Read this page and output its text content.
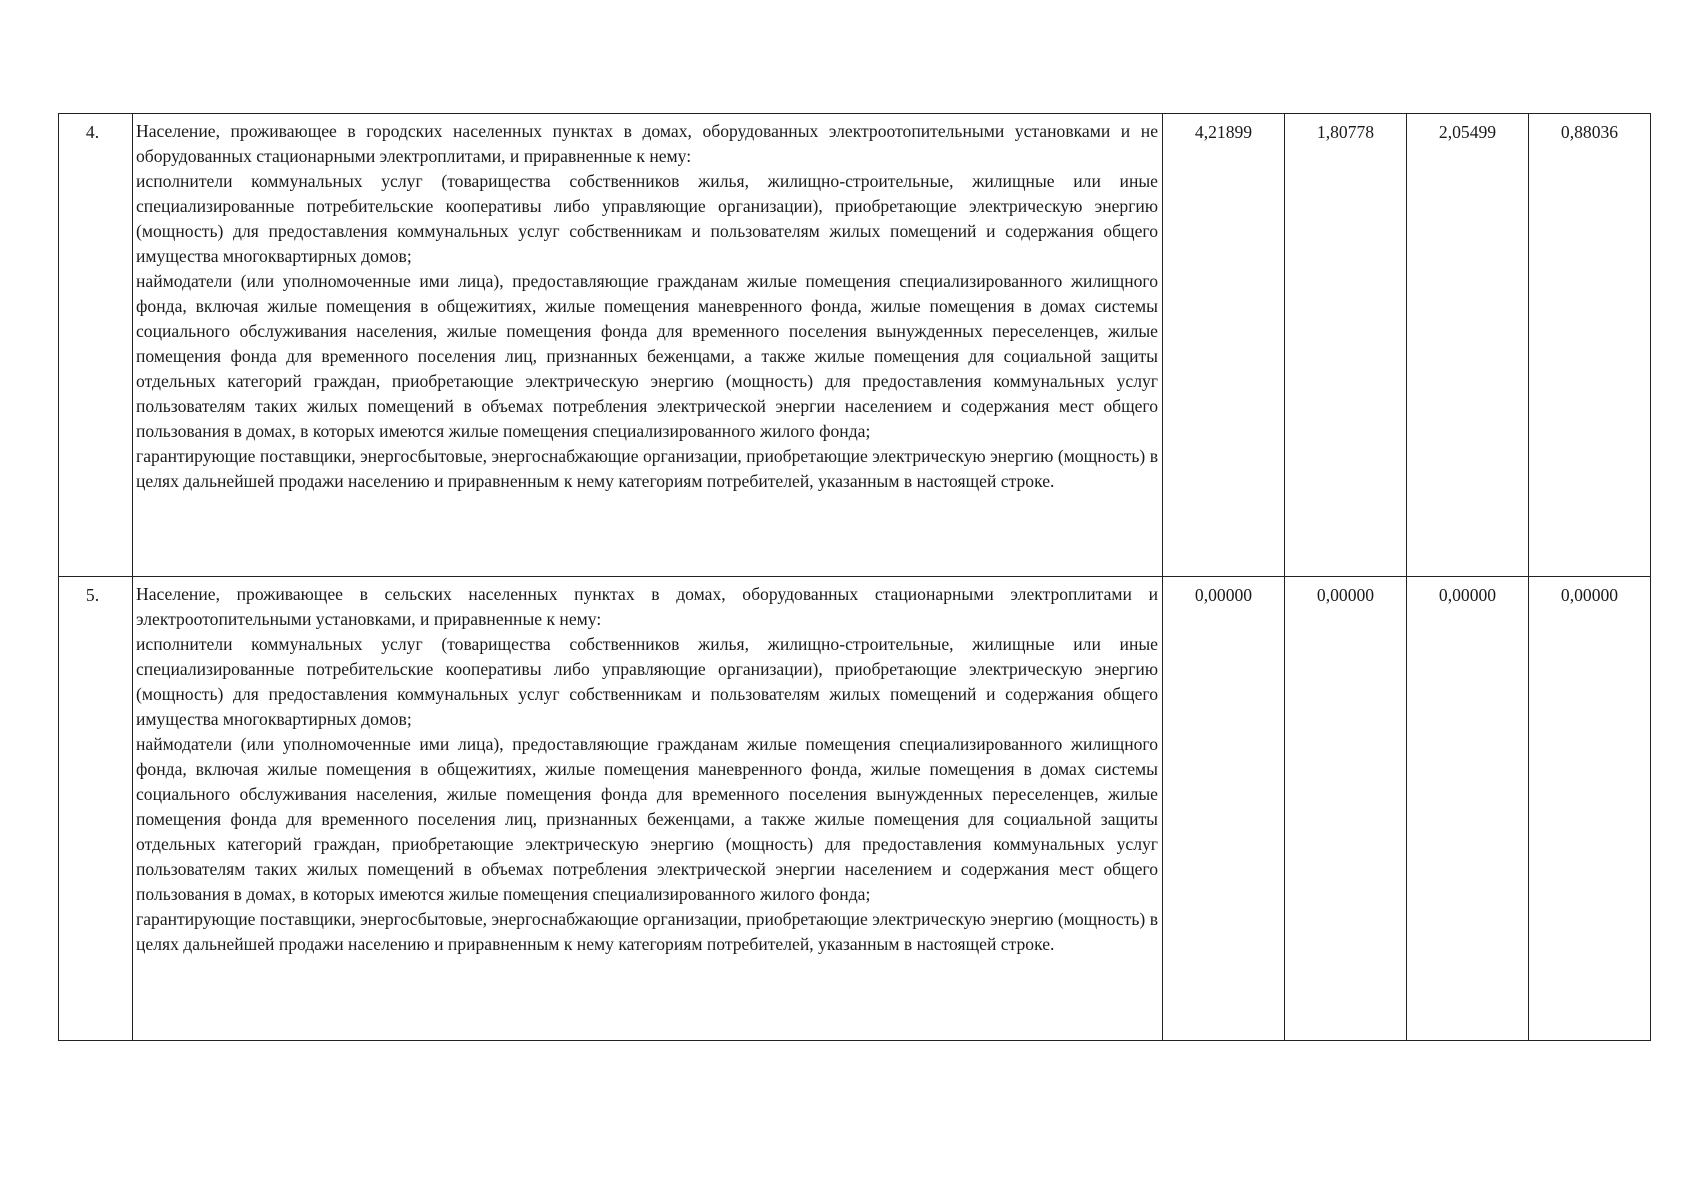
4.	Население, проживающее в городских населенных пунктах в домах, оборудованных электроотопительными установками и не оборудованных стационарными электроплитами, и приравненные к нему:

исполнители коммунальных услуг (товарищества собственников жилья, жилищно-строительные, жилищные или иные специализированные потребительские кооперативы либо управляющие организации), приобретающие электрическую энергию (мощность) для предоставления коммунальных услуг собственникам и пользователям жилых помещений и содержания общего имущества многоквартирных домов;

наймодатели (или уполномоченные ими лица), предоставляющие гражданам жилые помещения специализированного жилищного фонда, включая жилые помещения в общежитиях, жилые помещения маневренного фонда, жилые помещения в домах системы социального обслуживания населения, жилые помещения фонда для временного поселения вынужденных переселенцев, жилые помещения фонда для временного поселения лиц, признанных беженцами, а также жилые помещения для социальной защиты отдельных категорий граждан, приобретающие электрическую энергию (мощность) для предоставления коммунальных услуг пользователям таких жилых помещений в объемах потребления электрической энергии населением и содержания мест общего пользования в домах, в которых имеются жилые помещения специализированного жилого фонда;

гарантирующие поставщики, энергосбытовые, энергоснабжающие организации, приобретающие электрическую энергию (мощность) в целях дальнейшей продажи населению и приравненным к нему категориям потребителей, указанным в настоящей строке.	4,21899	1,80778	2,05499	0,88036
5.	Население, проживающее в сельских населенных пунктах в домах, оборудованных стационарными электроплитами и электроотопительными установками, и приравненные к нему:

исполнители коммунальных услуг (товарищества собственников жилья, жилищно-строительные, жилищные или иные специализированные потребительские кооперативы либо управляющие организации), приобретающие электрическую энергию (мощность) для предоставления коммунальных услуг собственникам и пользователям жилых помещений и содержания общего имущества многоквартирных домов;

наймодатели (или уполномоченные ими лица), предоставляющие гражданам жилые помещения специализированного жилищного фонда, включая жилые помещения в общежитиях, жилые помещения маневренного фонда, жилые помещения в домах системы социального обслуживания населения, жилые помещения фонда для временного поселения вынужденных переселенцев, жилые помещения фонда для временного поселения лиц, признанных беженцами, а также жилые помещения для социальной защиты отдельных категорий граждан, приобретающие электрическую энергию (мощность) для предоставления коммунальных услуг пользователям таких жилых помещений в объемах потребления электрической энергии населением и содержания мест общего пользования в домах, в которых имеются жилые помещения специализированного жилого фонда;

гарантирующие поставщики, энергосбытовые, энергоснабжающие организации, приобретающие электрическую энергию (мощность) в целях дальнейшей продажи населению и приравненным к нему категориям потребителей, указанным в настоящей строке.	0,00000	0,00000	0,00000	0,00000
